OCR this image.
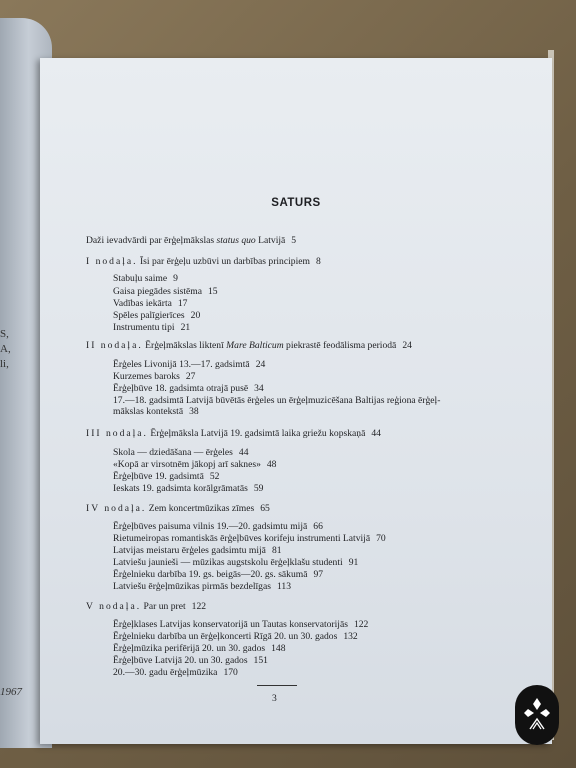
S,
A,
li,
1967
SATURS
Daži ievadvārdi par ērģeļmākslas status quo Latvijā 5
I nodaļa. Īsi par ērģeļu uzbūvi un darbības principiem 8
Stabuļu saime 9
Gaisa piegādes sistēma 15
Vadības iekārta 17
Spēles palīgierīces 20
Instrumentu tipi 21
II nodaļa. Ērģeļmākslas liktenī Mare Balticum piekrastē feodālisma periodā 24
Ērģeles Livonijā 13.—17. gadsimtā 24
Kurzemes baroks 27
Ērģeļbūve 18. gadsimta otrajā pusē 34
17.—18. gadsimtā Latvijā būvētās ērģeles un ērģeļmuzicēšana Baltijas reģiona ērģeļ-
mākslas kontekstā 38
III nodaļa. Ērģeļmāksla Latvijā 19. gadsimtā laika griežu kopskaņā 44
Skola — dziedāšana — ērģeles 44
«Kopā ar virsotnēm jākopj arī saknes» 48
Ērģeļbūve 19. gadsimtā 52
Ieskats 19. gadsimta korālgrāmatās 59
IV nodaļa. Zem koncertmūzikas zīmes 65
Ērģeļbūves paisuma vilnis 19.—20. gadsimtu mijā 66
Rietumeiropas romantiskās ērģeļbūves korifeju instrumenti Latvijā 70
Latvijas meistaru ērģeles gadsimtu mijā 81
Latviešu jaunieši — mūzikas augstskolu ērģeļklašu studenti 91
Ērģelnieku darbība 19. gs. beigās—20. gs. sākumā 97
Latviešu ērģeļmūzikas pirmās bezdelīgas 113
V nodaļa. Par un pret 122
Ērģeļklases Latvijas konservatorijā un Tautas konservatorijās 122
Ērģelnieku darbība un ērģeļkoncerti Rīgā 20. un 30. gados 132
Ērģeļmūzika perifērijā 20. un 30. gados 148
Ērģeļbūve Latvijā 20. un 30. gados 151
20.—30. gadu ērģeļmūzika 170
3
